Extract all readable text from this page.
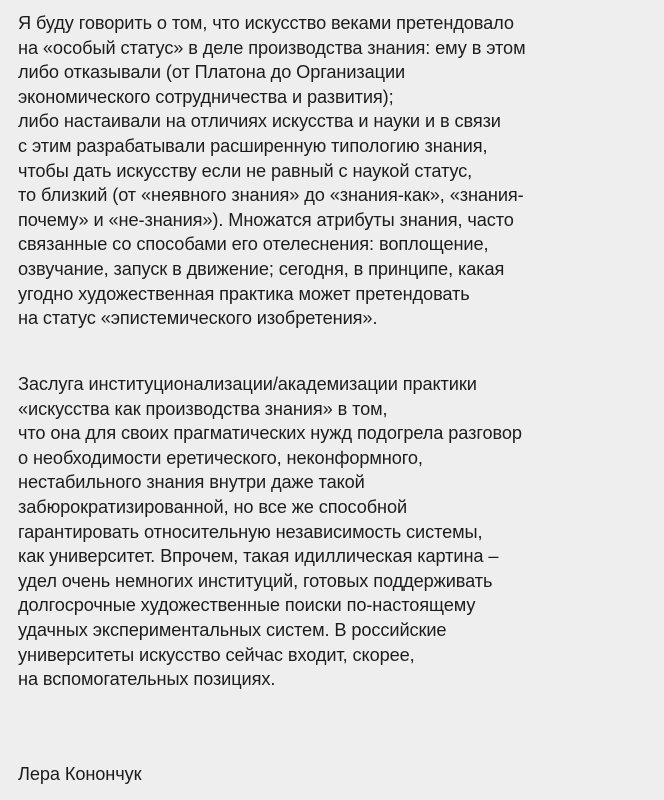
Я буду говорить о том, что искусство веками претендовало
на «особый статус» в деле производства знания: ему в этом
либо отказывали (от Платона до Организации
экономического сотрудничества и развития);
либо настаивали на отличиях искусства и науки и в связи
с этим разрабатывали расширенную типологию знания,
чтобы дать искусству если не равный с наукой статус,
то близкий (от «неявного знания» до «знания-как», «знания-
почему» и «не-знания»). Множатся атрибуты знания, часто
связанные со способами его отелеснения: воплощение,
озвучание, запуск в движение; сегодня, в принципе, какая
угодно художественная практика может претендовать
на статус «эпистемического изобретения».
Заслуга институционализации/академизации практики
«искусства как производства знания» в том,
что она для своих прагматических нужд подогрела разговор
о необходимости еретического, неконформного,
нестабильного знания внутри даже такой
забюрократизированной, но все же способной
гарантировать относительную независимость системы,
как университет. Впрочем, такая идиллическая картина –
удел очень немногих институций, готовых поддерживать
долгосрочные художественные поиски по-настоящему
удачных экспериментальных систем. В российские
университеты искусство сейчас входит, скорее,
на вспомогательных позициях.
Лера Конончук
